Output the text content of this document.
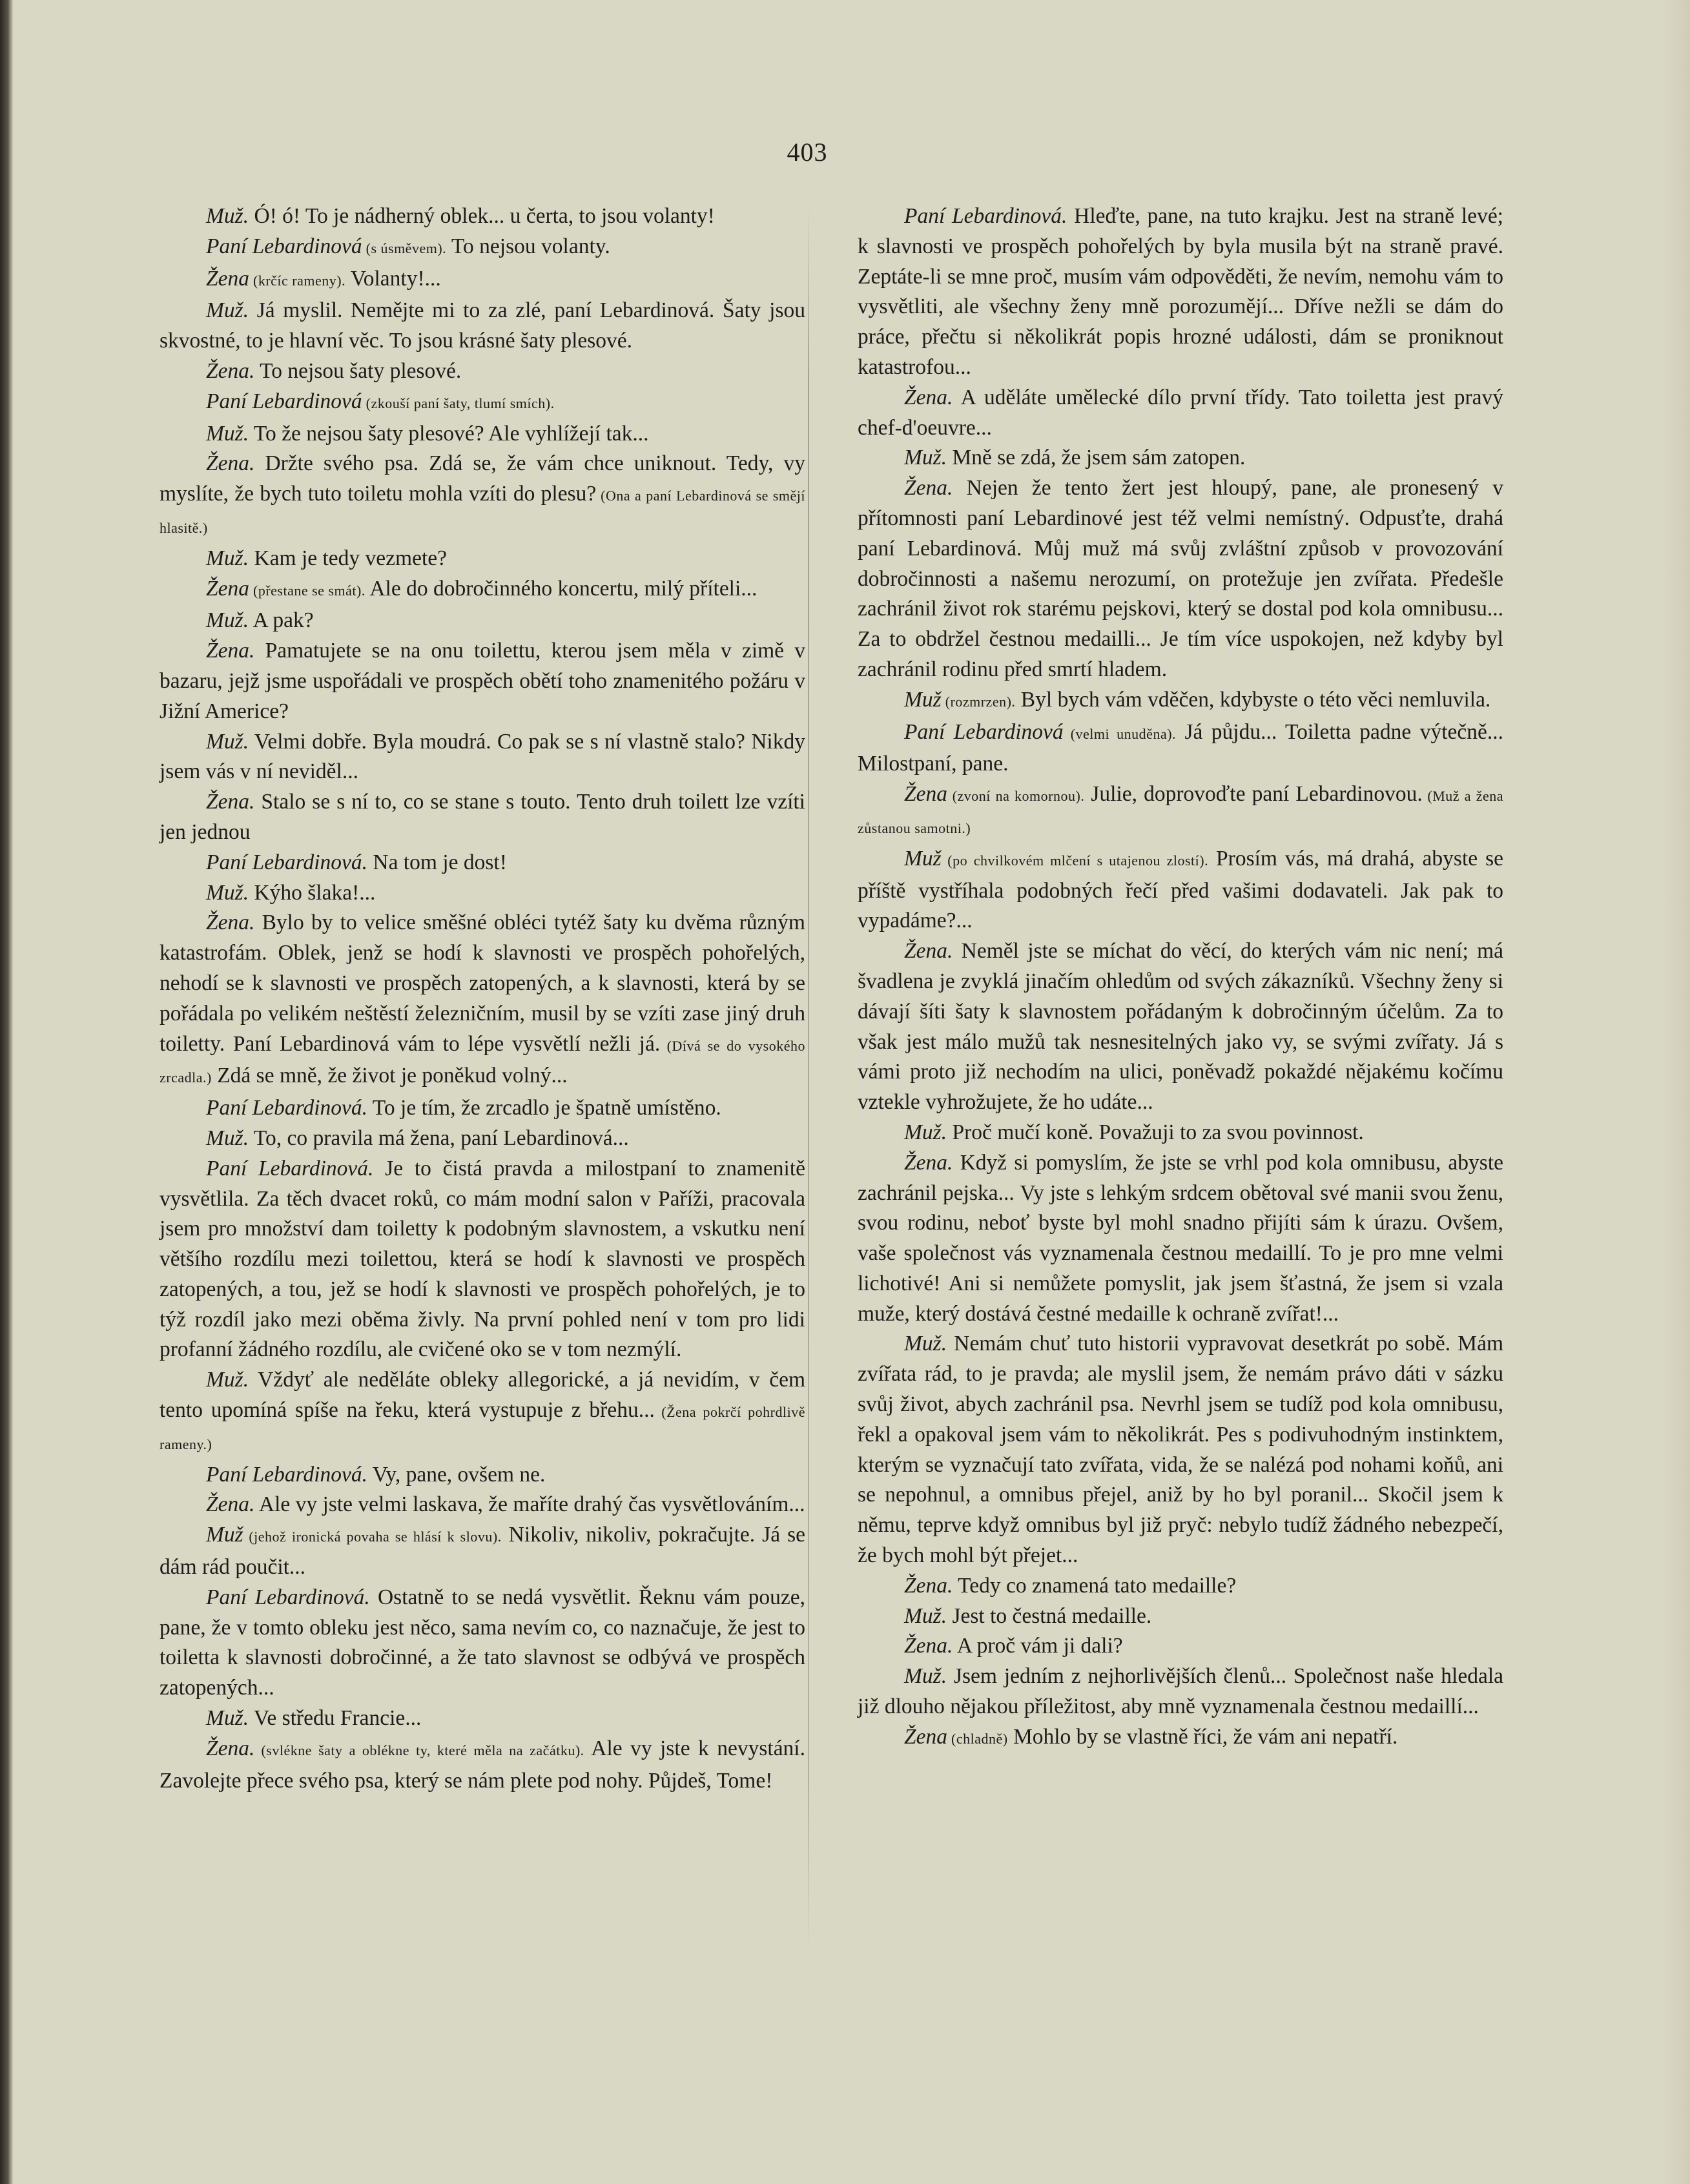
403

Muž. Ó! ó! To je nádherný oblek... u čerta, to jsou volanty!

Paní Lebardinová (s úsměvem). To nejsou volanty.

Žena (krčíc rameny). Volanty!...

Muž. Já myslil. Nemějte mi to za zlé, paní Lebardinová. Šaty jsou skvostné, to je hlavní věc. To jsou krásné šaty plesové.

Žena. To nejsou šaty plesové.

Paní Lebardinová (zkouší paní šaty, tlumí smích).

Muž. To že nejsou šaty plesové? Ale vyhlížejí tak...

Žena. Držte svého psa. Zdá se, že vám chce uniknout. Tedy, vy myslíte, že bych tuto toiletu mohla vzíti do plesu? (Ona a paní Lebardinová se smějí hlasitě.)

Muž. Kam je tedy vezmete?

Žena (přestane se smát). Ale do dobročinného koncertu, milý příteli...

Muž. A pak?

Žena. Pamatujete se na onu toilettu, kterou jsem měla v zimě v bazaru, jejž jsme uspořádali ve prospěch obětí toho znamenitého požáru v Jižní Americe?

Muž. Velmi dobře. Byla moudrá. Co pak se s ní vlastně stalo? Nikdy jsem vás v ní neviděl...

Žena. Stalo se s ní to, co se stane s touto. Tento druh toilett lze vzíti jen jednou

Paní Lebardinová. Na tom je dost!

Muž. Kýho šlaka!...

Žena. Bylo by to velice směšné obléci tytéž šaty ku dvěma různým katastrofám. Oblek, jenž se hodí k slavnosti ve prospěch pohořelých, nehodí se k slavnosti ve prospěch zatopených, a k slavnosti, která by se pořádala po velikém neštěstí železničním, musil by se vzíti zase jiný druh toiletty. Paní Lebardinová vám to lépe vysvětlí nežli já. (Dívá se do vysokého zrcadla.) Zdá se mně, že život je poněkud volný...

Paní Lebardinová. To je tím, že zrcadlo je špatně umístěno.

Muž. To, co pravila má žena, paní Lebardinová...

Paní Lebardinová. Je to čistá pravda a milostpaní to znamenitě vysvětlila. Za těch dvacet roků, co mám modní salon v Paříži, pracovala jsem pro množství dam toiletty k podobným slavnostem, a vskutku není většího rozdílu mezi toilettou, která se hodí k slavnosti ve prospěch zatopených, a tou, jež se hodí k slavnosti ve prospěch pohořelých, je to týž rozdíl jako mezi oběma živly. Na první pohled není v tom pro lidi profanní žádného rozdílu, ale cvičené oko se v tom nezmýlí.

Muž. Vždyť ale neděláte obleky allegorické, a já nevidím, v čem tento upomíná spíše na řeku, která vystupuje z břehu... (Žena pokrčí pohrdlivě rameny.)

Paní Lebardinová. Vy, pane, ovšem ne.

Žena. Ale vy jste velmi laskava, že maříte drahý čas vysvětlováním...

Muž (jehož ironická povaha se hlásí k slovu). Nikoliv, nikoliv, pokračujte. Já se dám rád poučit...

Paní Lebardinová. Ostatně to se nedá vysvětlit. Řeknu vám pouze, pane, že v tomto obleku jest něco, sama nevím co, co naznačuje, že jest to toiletta k slavnosti dobročinné, a že tato slavnost se odbývá ve prospěch zatopených...

Muž. Ve středu Francie...

Žena. (svlékne šaty a oblékne ty, které měla na začátku). Ale vy jste k nevystání. Zavolejte přece svého psa, který se nám plete pod nohy. Půjdeš, Tome!

Paní Lebardinová. Hleďte, pane, na tuto krajku. Jest na straně levé; k slavnosti ve prospěch pohořelých by byla musila být na straně pravé. Zeptáte-li se mne proč, musím vám odpověděti, že nevím, nemohu vám to vysvětliti, ale všechny ženy mně porozumějí... Dříve nežli se dám do práce, přečtu si několikrát popis hrozné události, dám se proniknout katastrofou...

Žena. A uděláte umělecké dílo první třídy. Tato toiletta jest pravý chef-d'oeuvre...

Muž. Mně se zdá, že jsem sám zatopen.

Žena. Nejen že tento žert jest hloupý, pane, ale pronesený v přítomnosti paní Lebardinové jest též velmi nemístný. Odpusťte, drahá paní Lebardinová. Můj muž má svůj zvláštní způsob v provozování dobročinnosti a našemu nerozumí, on protežuje jen zvířata. Předešle zachránil život rok starému pejskovi, který se dostal pod kola omnibusu... Za to obdržel čestnou medailli... Je tím více uspokojen, než kdyby byl zachránil rodinu před smrtí hladem.

Muž (rozmrzen). Byl bych vám vděčen, kdybyste o této věci nemluvila.

Paní Lebardinová (velmi unuděna). Já půjdu... Toiletta padne výtečně... Milostpaní, pane.

Žena (zvoní na komornou). Julie, doprovoďte paní Lebardinovou. (Muž a žena zůstanou samotni.)

Muž (po chvilkovém mlčení s utajenou zlostí). Prosím vás, má drahá, abyste se příště vystříhala podobných řečí před vašimi dodavateli. Jak pak to vypadáme?...

Žena. Neměl jste se míchat do věcí, do kterých vám nic není; má švadlena je zvyklá jinačím ohledům od svých zákazníků. Všechny ženy si dávají šíti šaty k slavnostem pořádaným k dobročinným účelům. Za to však jest málo mužů tak nesnesitelných jako vy, se svými zvířaty. Já s vámi proto již nechodím na ulici, poněvadž pokaždé nějakému kočímu vztekle vyhrožujete, že ho udáte...

Muž. Proč mučí koně. Považuji to za svou povinnost.

Žena. Když si pomyslím, že jste se vrhl pod kola omnibusu, abyste zachránil pejska... Vy jste s lehkým srdcem obětoval své manii svou ženu, svou rodinu, neboť byste byl mohl snadno přijíti sám k úrazu. Ovšem, vaše společnost vás vyznamenala čestnou medaillí. To je pro mne velmi lichotivé! Ani si nemůžete pomyslit, jak jsem šťastná, že jsem si vzala muže, který dostává čestné medaille k ochraně zvířat!...

Muž. Nemám chuť tuto historii vypravovat desetkrát po sobě. Mám zvířata rád, to je pravda; ale myslil jsem, že nemám právo dáti v sázku svůj život, abych zachránil psa. Nevrhl jsem se tudíž pod kola omnibusu, řekl a opakoval jsem vám to několikrát. Pes s podivuhodným instinktem, kterým se vyznačují tato zvířata, vida, že se nalézá pod nohami koňů, ani se nepohnul, a omnibus přejel, aniž by ho byl poranil... Skočil jsem k němu, teprve když omnibus byl již pryč: nebylo tudíž žádného nebezpečí, že bych mohl být přejet...

Žena. Tedy co znamená tato medaille?

Muž. Jest to čestná medaille.

Žena. A proč vám ji dali?

Muž. Jsem jedním z nejhorlivějších členů... Společnost naše hledala již dlouho nějakou příležitost, aby mně vyznamenala čestnou medaillí...

Žena (chladně) Mohlo by se vlastně říci, že vám ani nepatří.
